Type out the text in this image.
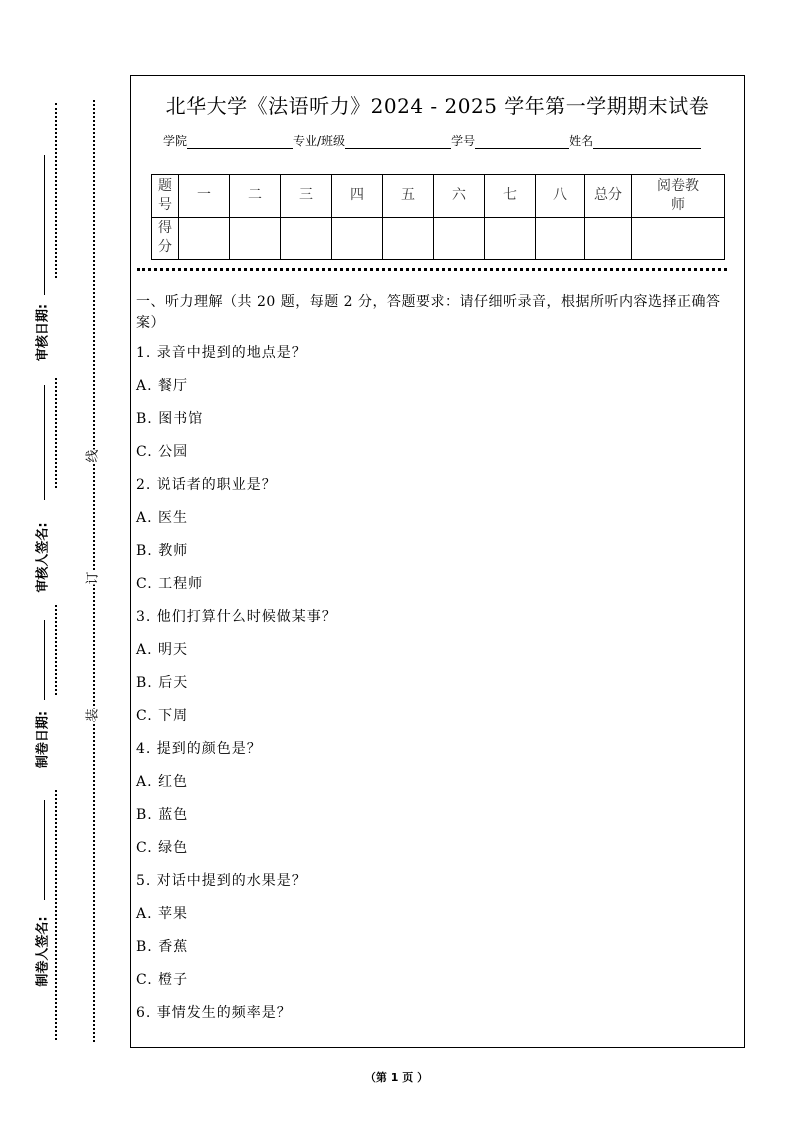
审核日期:
审核人签名:
制卷日期:
制卷人签名:
线
订
装
北华大学《法语听力》2024 - 2025 学年第一学期期末试卷
学院	专业/班级	学号	姓名
题号	一	二	三	四	五	六	七	八	总分	阅卷教师
得分										
一、听力理解（共 20 题，每题 2 分，答题要求：请仔细听录音，根据所听内容选择正确答案）
1. 录音中提到的地点是？
A. 餐厅
B. 图书馆
C. 公园
2. 说话者的职业是？
A. 医生
B. 教师
C. 工程师
3. 他们打算什么时候做某事？
A. 明天
B. 后天
C. 下周
4. 提到的颜色是？
A. 红色
B. 蓝色
C. 绿色
5. 对话中提到的水果是？
A. 苹果
B. 香蕉
C. 橙子
6. 事情发生的频率是？
（第 1 页 ）
